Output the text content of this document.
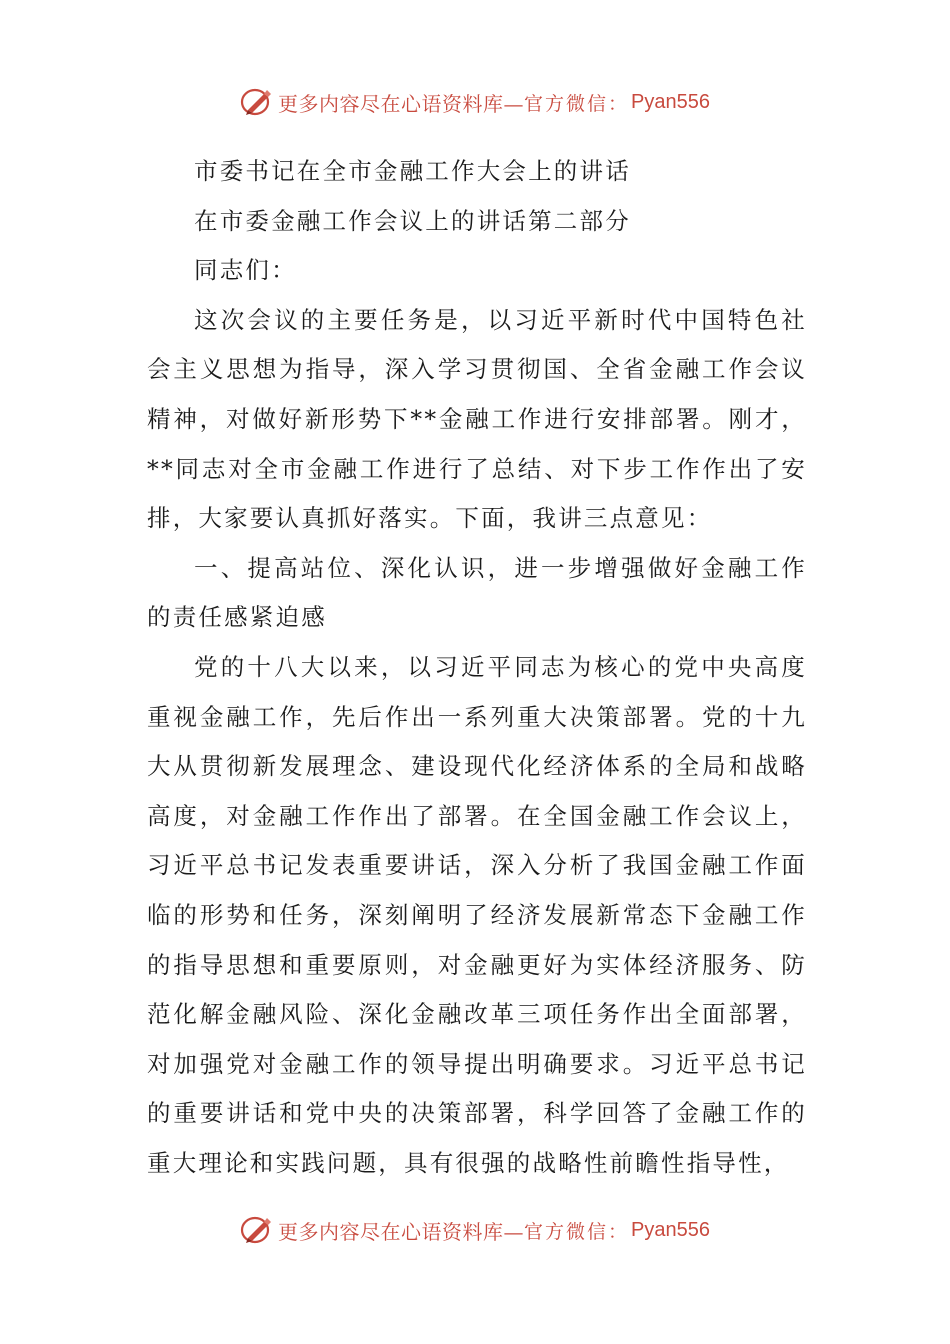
更多内容尽在心语资料库— 官方微信： Pyan556

市委书记在全市金融工作大会上的讲话

在市委金融工作会议上的讲话第二部分

同志们：

这次会议的主要任务是，以习近平新时代中国特色社会主义思想为指导，深入学习贯彻国、全省金融工作会议精神，对做好新形势下**金融工作进行安排部署。刚才，**同志对全市金融工作进行了总结、对下步工作作出了安排，大家要认真抓好落实。下面，我讲三点意见：

一、提高站位、深化认识，进一步增强做好金融工作的责任感紧迫感

党的十八大以来，以习近平同志为核心的党中央高度重视金融工作，先后作出一系列重大决策部署。党的十九大从贯彻新发展理念、建设现代化经济体系的全局和战略高度，对金融工作作出了部署。在全国金融工作会议上，习近平总书记发表重要讲话，深入分析了我国金融工作面临的形势和任务，深刻阐明了经济发展新常态下金融工作的指导思想和重要原则，对金融更好为实体经济服务、防范化解金融风险、深化金融改革三项任务作出全面部署，对加强党对金融工作的领导提出明确要求。习近平总书记的重要讲话和党中央的决策部署，科学回答了金融工作的重大理论和实践问题，具有很强的战略性前瞻性指导性，

更多内容尽在心语资料库— 官方微信： Pyan556
